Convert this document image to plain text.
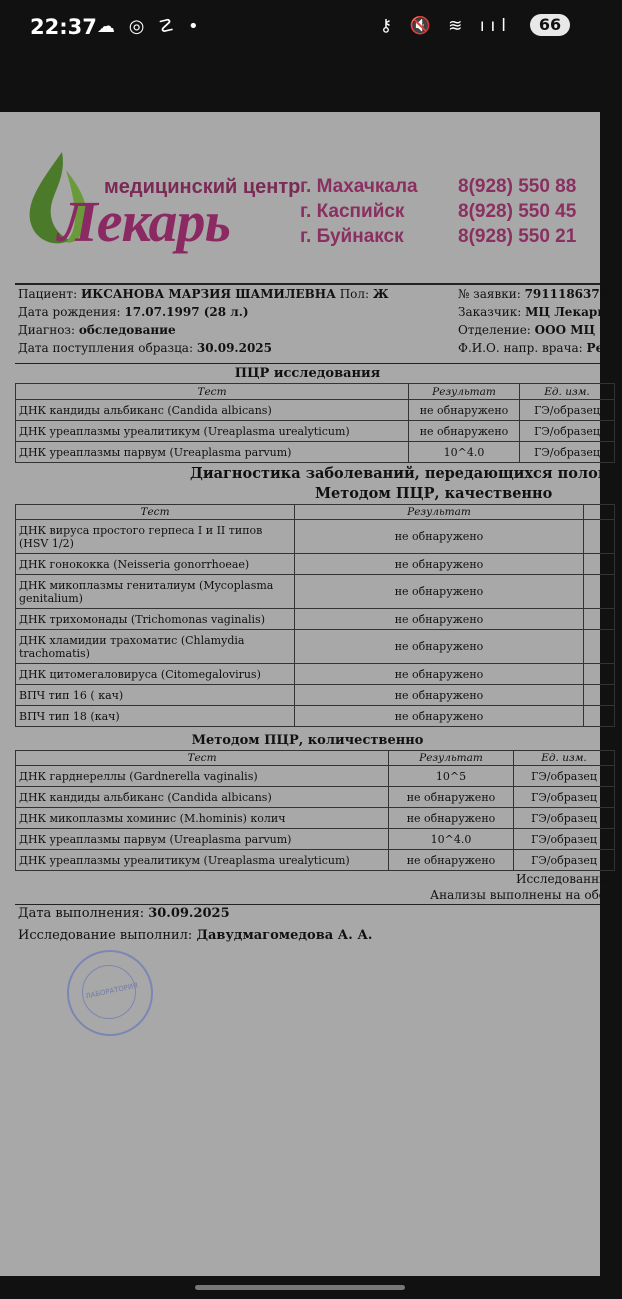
22:37 ☁ ◎ ☡ •	⚷ 🔇 ≋ ııl	66
медицинский центр
Лекарь
г. Махачкала
г. Каспийск
г. Буйнакск
8(928) 550 88
8(928) 550 45
8(928) 550 21
Пациент: ИКСАНОВА МАРЗИЯ ШАМИЛЕВНА Пол: Ж
Дата рождения: 17.07.1997 (28 л.)
Диагноз: обследование
Дата поступления образца: 30.09.2025
№ заявки: 7911186378
Заказчик: МЦ Лекарь С
Отделение: ООО МЦ "..
Ф.И.О. напр. врача: Рег
ПЦР исследования
Тест	Результат	Ед. изм.
ДНК кандиды альбиканс (Candida albicans)	не обнаружено	ГЭ/образец
ДНК уреаплазмы уреалитикум (Ureaplasma urealyticum)	не обнаружено	ГЭ/образец
ДНК уреаплазмы парвум (Ureaplasma parvum)	10^4.0	ГЭ/образец
Диагностика заболеваний, передающихся половы
Методом ПЦР, качественно
Тест	Результат	
ДНК вируса простого герпеса I и II типов (HSV 1/2)	не обнаружено	
ДНК гонококка (Neisseria gonorrhoeae)	не обнаружено	
ДНК микоплазмы гениталиум (Mycoplasma genitalium)	не обнаружено	
ДНК трихомонады (Trichomonas vaginalis)	не обнаружено	
ДНК хламидии трахоматис (Chlamydia trachomatis)	не обнаружено	
ДНК цитомегаловируса (Citomegalovirus)	не обнаружено	
ВПЧ тип 16 ( кач)	не обнаружено	
ВПЧ тип 18 (кач)	не обнаружено	
Методом ПЦР, количественно
Тест	Результат	Ед. изм.
ДНК гарднереллы (Gardnerella vaginalis)	10^5	ГЭ/образец
ДНК кандиды альбиканс (Candida albicans)	не обнаружено	ГЭ/образец
ДНК микоплазмы хоминис (M.hominis) колич	не обнаружено	ГЭ/образец
ДНК уреаплазмы парвум (Ureaplasma parvum)	10^4.0	ГЭ/образец
ДНК уреаплазмы уреалитикум (Ureaplasma urealyticum)	не обнаружено	ГЭ/образец
Исследованны
Анализы выполнены на обору
Дата выполнения: 30.09.2025
Исследование выполнил: Давудмагомедова А. А.
ЛАБОРАТОРИЯ
